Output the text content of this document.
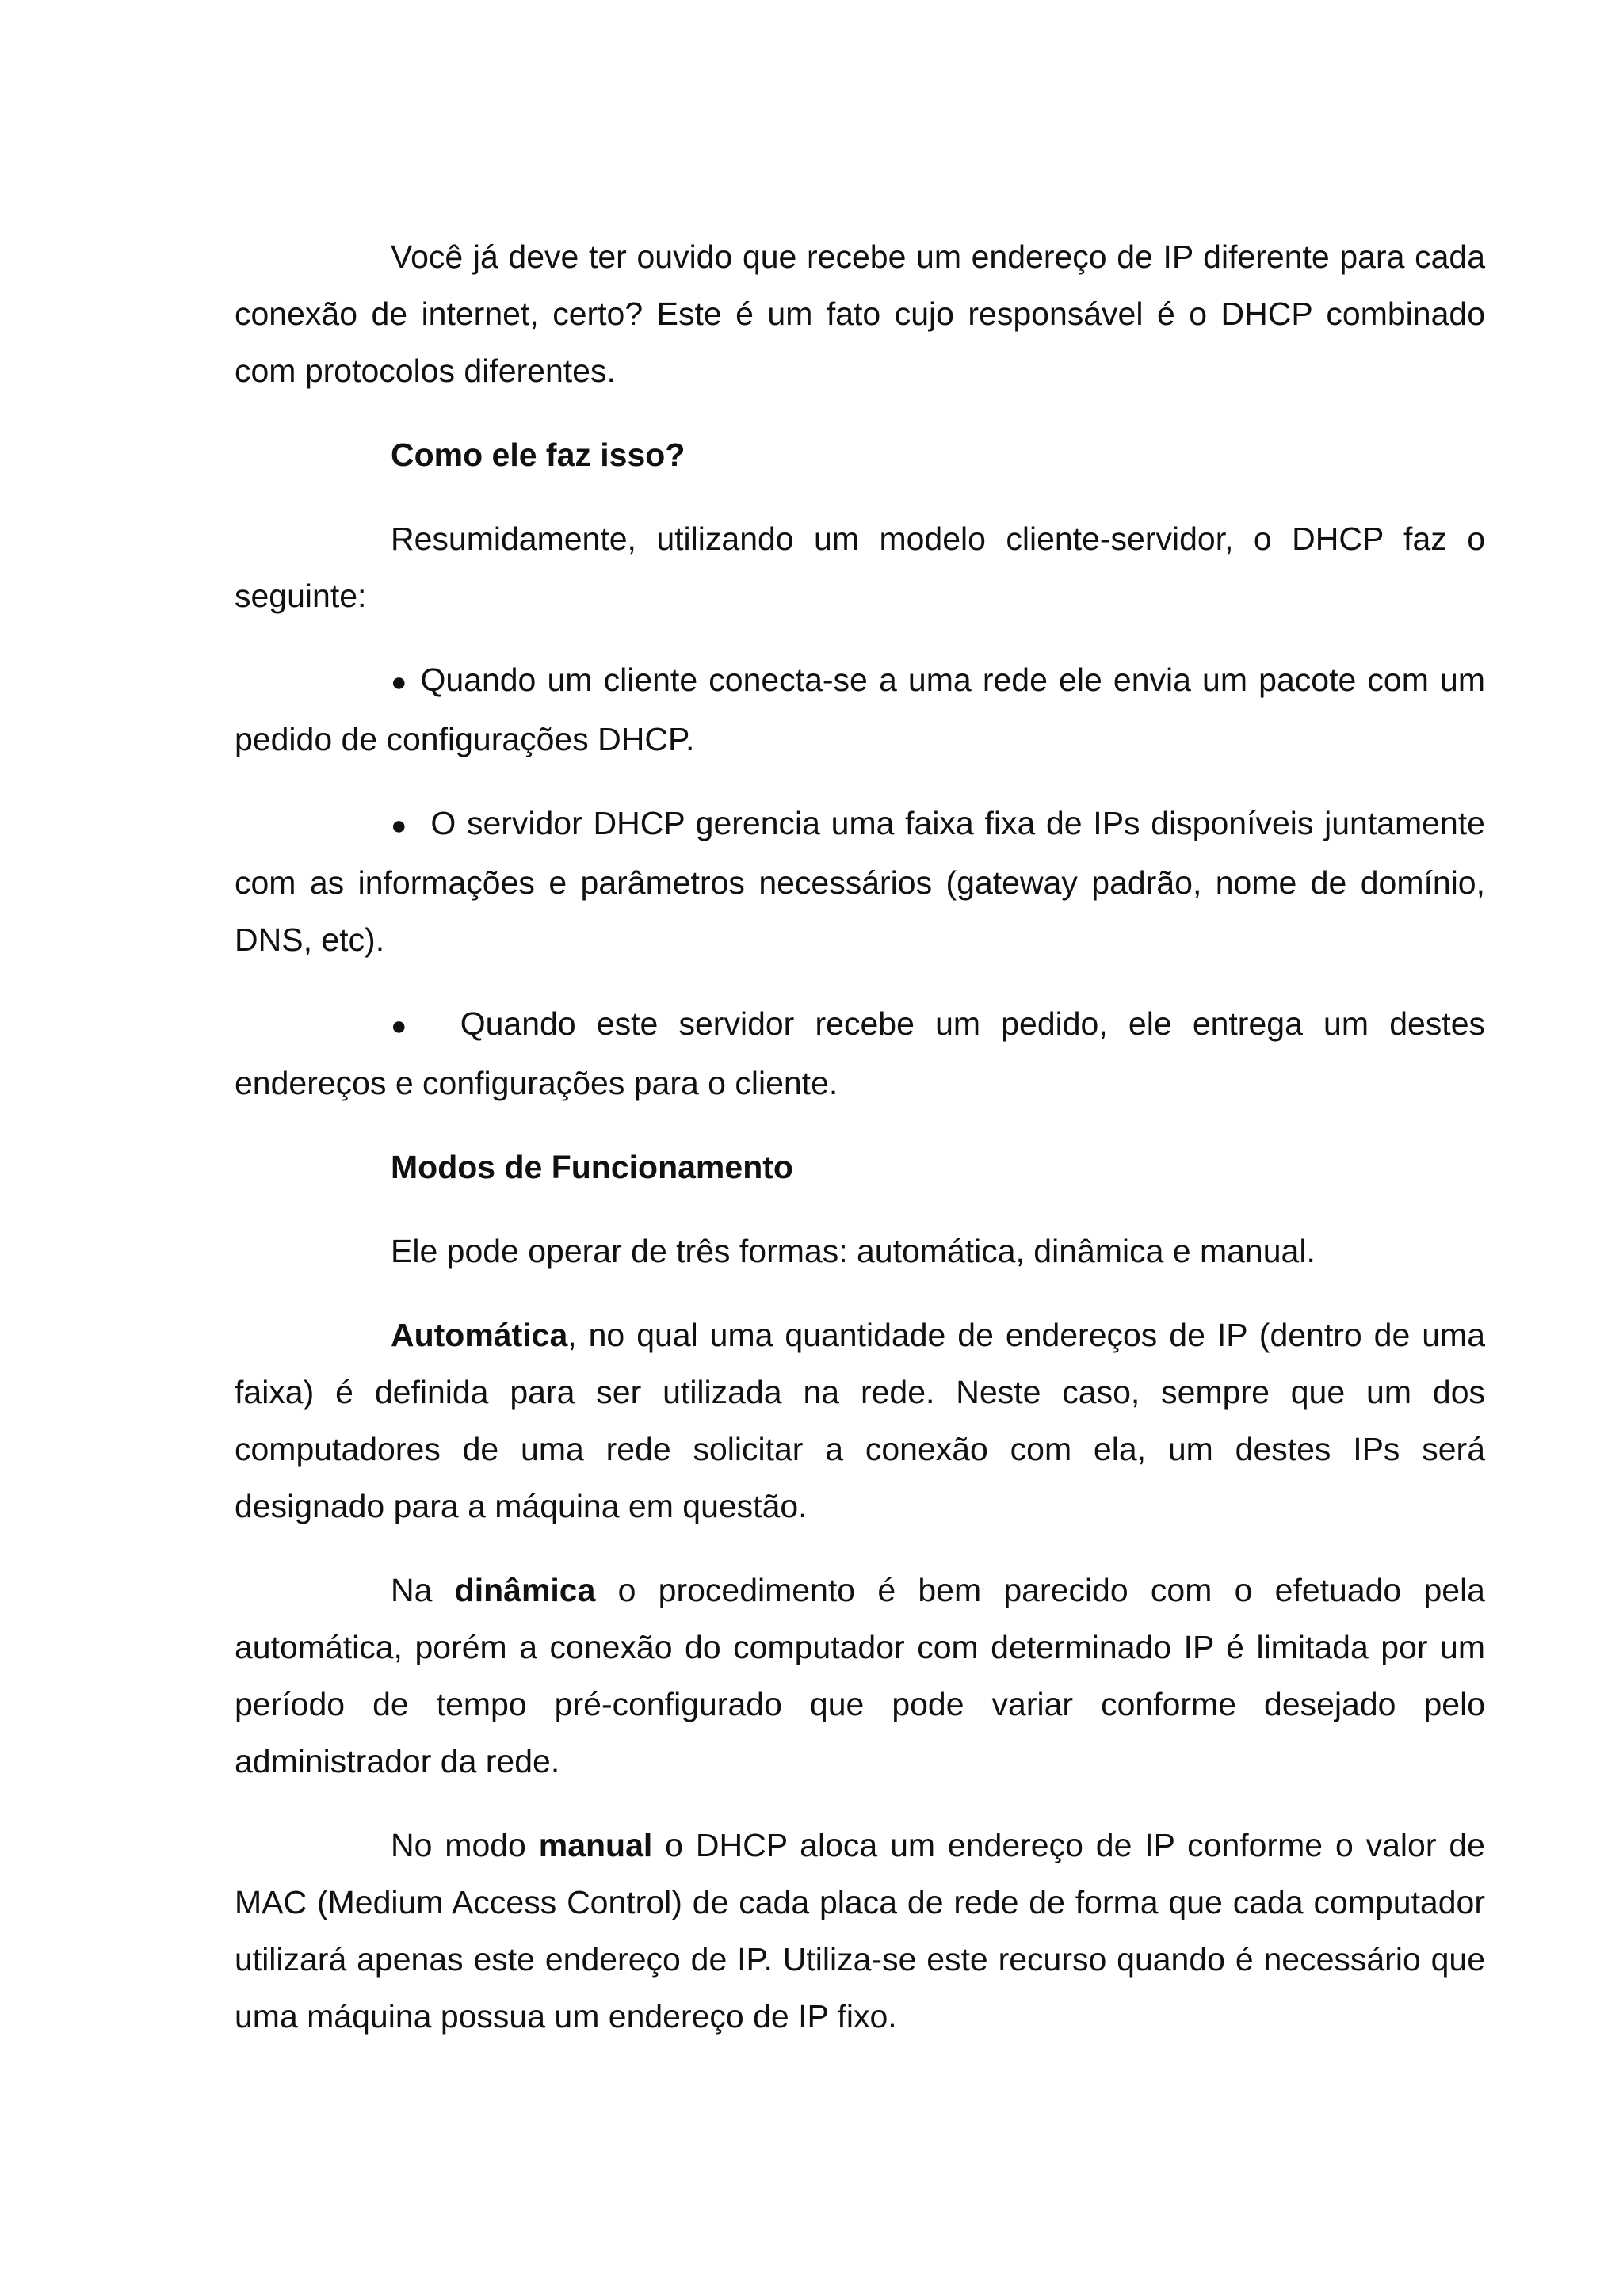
Você já deve ter ouvido que recebe um endereço de IP diferente para cada conexão de internet, certo? Este é um fato cujo responsável é o DHCP combinado com protocolos diferentes.

Como ele faz isso?

Resumidamente, utilizando um modelo cliente-servidor, o DHCP faz o seguinte:

● Quando um cliente conecta-se a uma rede ele envia um pacote com um pedido de configurações DHCP.

● O servidor DHCP gerencia uma faixa fixa de IPs disponíveis juntamente com as informações e parâmetros necessários (gateway padrão, nome de domínio, DNS, etc).

● Quando este servidor recebe um pedido, ele entrega um destes endereços e configurações para o cliente.

Modos de Funcionamento

Ele pode operar de três formas: automática, dinâmica e manual.

Automática, no qual uma quantidade de endereços de IP (dentro de uma faixa) é definida para ser utilizada na rede. Neste caso, sempre que um dos computadores de uma rede solicitar a conexão com ela, um destes IPs será designado para a máquina em questão.

Na dinâmica o procedimento é bem parecido com o efetuado pela automática, porém a conexão do computador com determinado IP é limitada por um período de tempo pré-configurado que pode variar conforme desejado pelo administrador da rede.

No modo manual o DHCP aloca um endereço de IP conforme o valor de MAC (Medium Access Control) de cada placa de rede de forma que cada computador utilizará apenas este endereço de IP. Utiliza-se este recurso quando é necessário que uma máquina possua um endereço de IP fixo.
